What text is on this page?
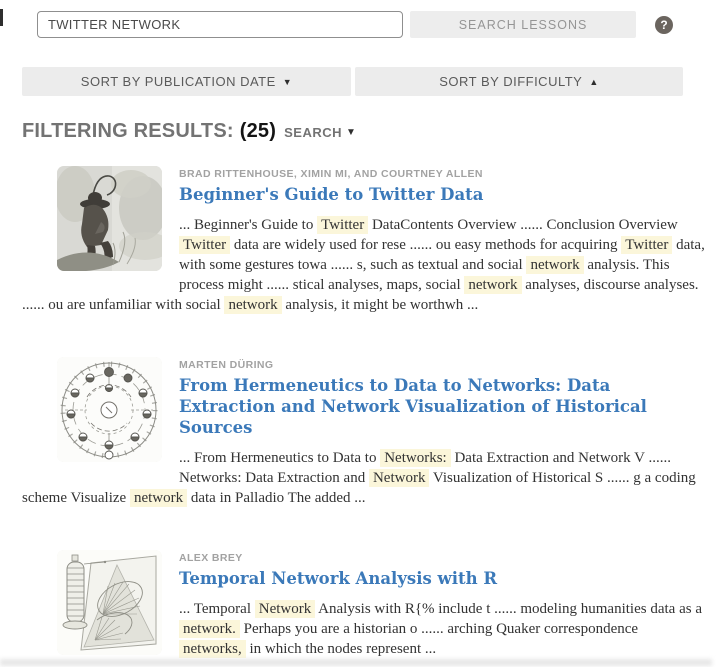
TWITTER NETWORK
SEARCH LESSONS	?
SORT BY PUBLICATION DATE ▼	SORT BY DIFFICULTY ▲
FILTERING RESULTS: (25) SEARCH ▼
BRAD RITTENHOUSE, XIMIN MI, AND COURTNEY ALLEN
Beginner's Guide to Twitter Data

... Beginner's Guide to Twitter DataContents Overview ...... Conclusion Overview Twitter data are widely used for rese ...... ou easy methods for acquiring Twitter data, with some gestures towa ...... s, such as textual and social network analysis. This process might ...... stical analyses, maps, social network analyses, discourse analyses. ...... ou are unfamiliar with social network analysis, it might be worthwh ...

MARTEN DÜRING
From Hermeneutics to Data to Networks: Data Extraction and Network Visualization of Historical Sources

... From Hermeneutics to Data to Networks: Data Extraction and Network V ...... Networks: Data Extraction and Network Visualization of Historical S ...... g a coding scheme Visualize network data in Palladio The added ...

ALEX BREY
Temporal Network Analysis with R

... Temporal Network Analysis with R{% include t ...... modeling humanities data as a network. Perhaps you are a historian o ...... arching Quaker correspondence networks, in which the nodes represent ...
